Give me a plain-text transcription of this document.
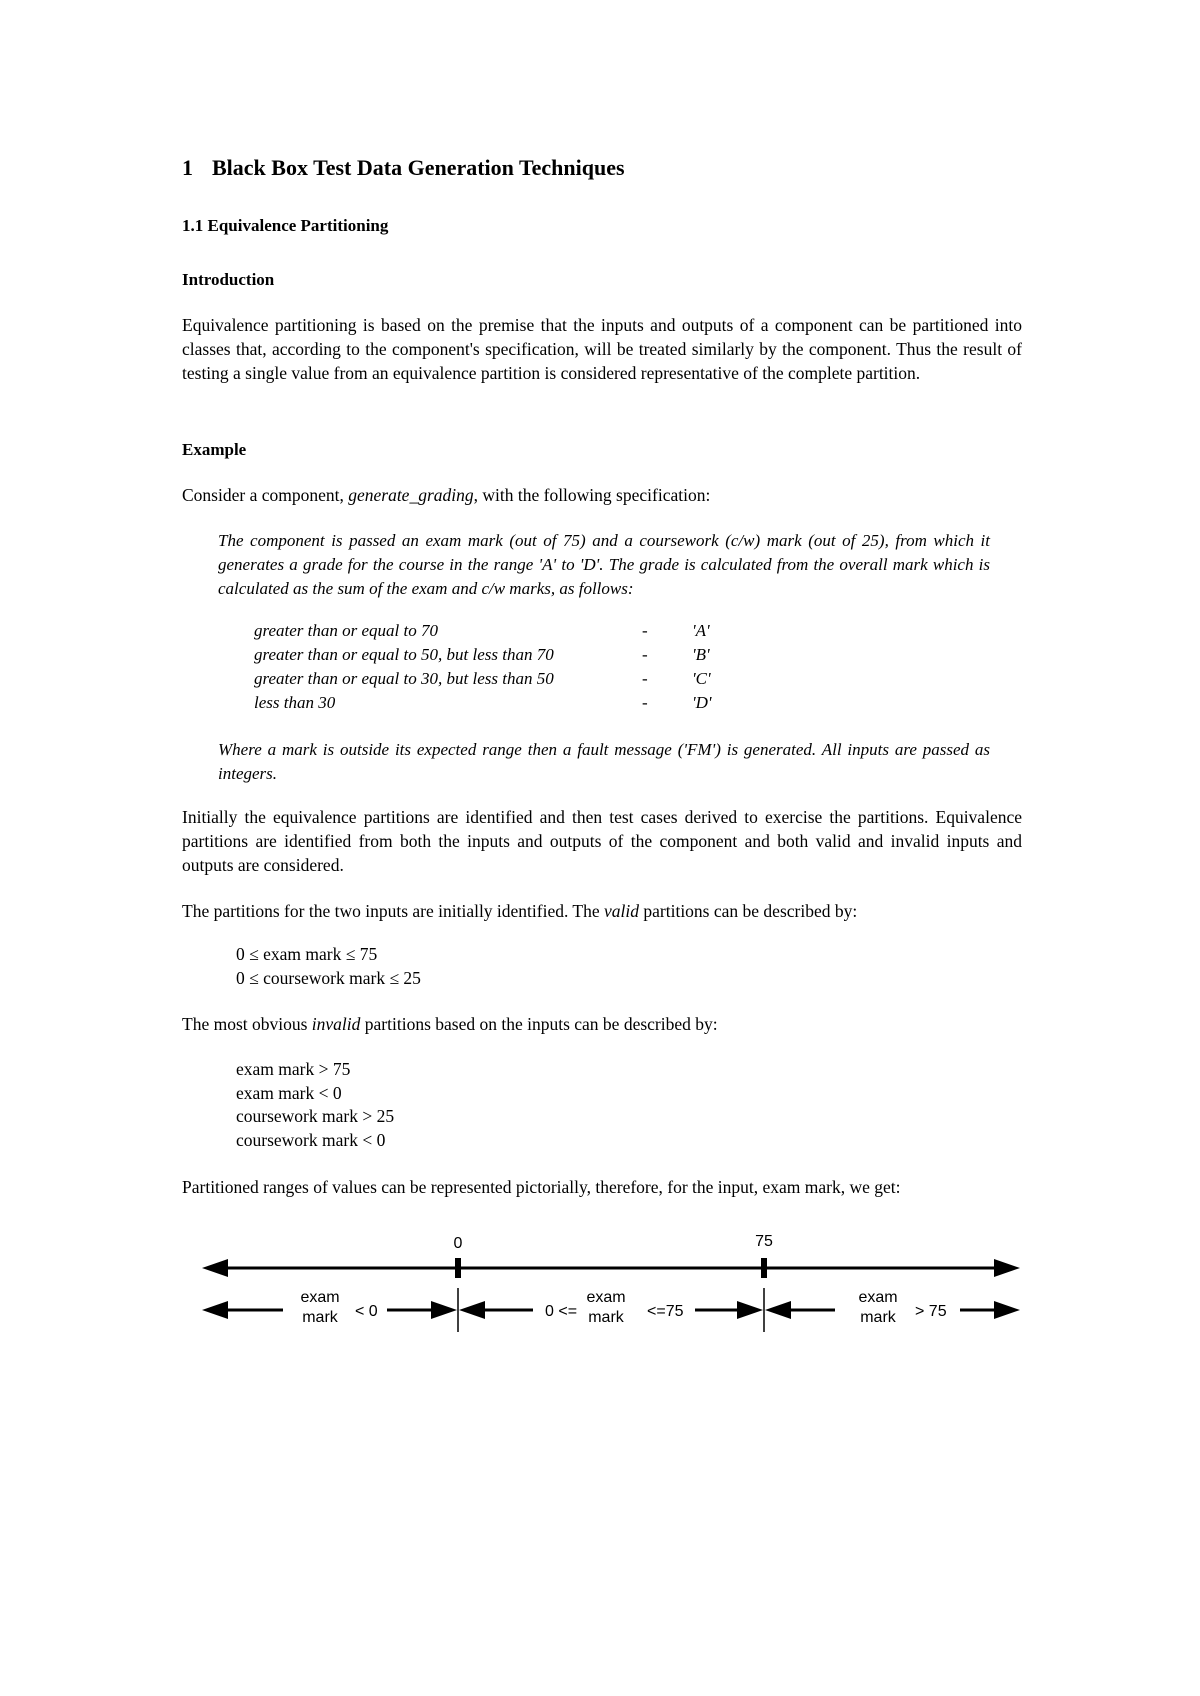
1 Black Box Test Data Generation Techniques
1.1 Equivalence Partitioning
Introduction
Equivalence partitioning is based on the premise that the inputs and outputs of a component can be partitioned into classes that, according to the component's specification, will be treated similarly by the component. Thus the result of testing a single value from an equivalence partition is considered representative of the complete partition.
Example
Consider a component, generate_grading, with the following specification:
The component is passed an exam mark (out of 75) and a coursework (c/w) mark (out of 25), from which it generates a grade for the course in the range 'A' to 'D'. The grade is calculated from the overall mark which is calculated as the sum of the exam and c/w marks, as follows:
greater than or equal to 70	-	'A'
greater than or equal to 50, but less than 70	-	'B'
greater than or equal to 30, but less than 50	-	'C'
less than 30	-	'D'
Where a mark is outside its expected range then a fault message ('FM') is generated. All inputs are passed as integers.
Initially the equivalence partitions are identified and then test cases derived to exercise the partitions. Equivalence partitions are identified from both the inputs and outputs of the component and both valid and invalid inputs and outputs are considered.
The partitions for the two inputs are initially identified. The valid partitions can be described by:
0 ≤ exam mark ≤ 75
0 ≤ coursework mark ≤ 25
The most obvious invalid partitions based on the inputs can be described by:
exam mark > 75
exam mark < 0
coursework mark > 25
coursework mark < 0
Partitioned ranges of values can be represented pictorially, therefore, for the input, exam mark, we get:
0	75
exam
mark < 0	0 <=
exam
mark <=75
exam
mark > 75
